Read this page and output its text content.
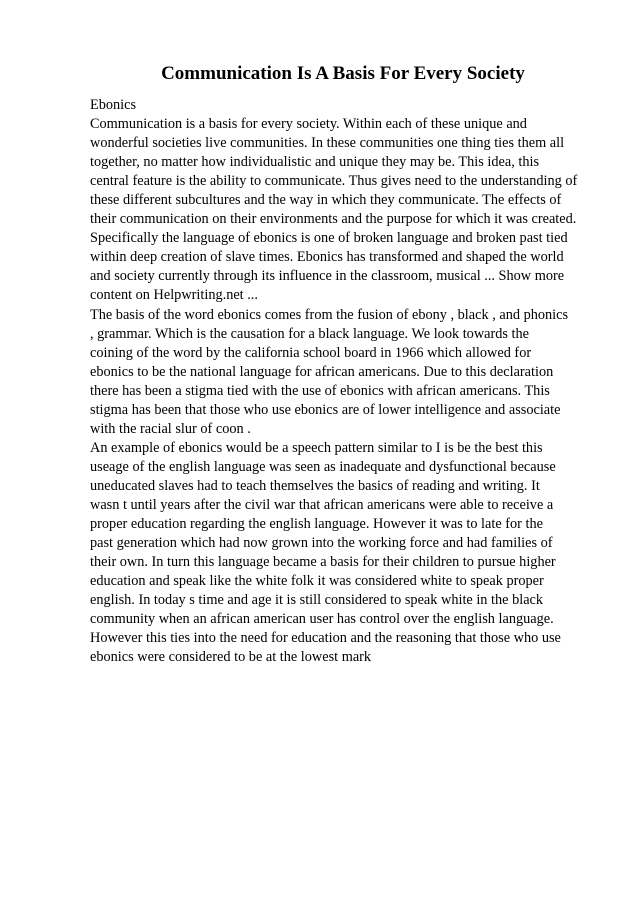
Communication Is A Basis For Every Society
Ebonics
Communication is a basis for every society. Within each of these unique and
wonderful societies live communities. In these communities one thing ties them all
together, no matter how individualistic and unique they may be. This idea, this
central feature is the ability to communicate. Thus gives need to the understanding of
these different subcultures and the way in which they communicate. The effects of
their communication on their environments and the purpose for which it was created.
Specifically the language of ebonics is one of broken language and broken past tied
within deep creation of slave times. Ebonics has transformed and shaped the world
and society currently through its influence in the classroom, musical ... Show more
content on Helpwriting.net ...
The basis of the word ebonics comes from the fusion of ebony , black , and phonics
, grammar. Which is the causation for a black language. We look towards the
coining of the word by the california school board in 1966 which allowed for
ebonics to be the national language for african americans. Due to this declaration
there has been a stigma tied with the use of ebonics with african americans. This
stigma has been that those who use ebonics are of lower intelligence and associate
with the racial slur of coon .
An example of ebonics would be a speech pattern similar to I is be the best this
useage of the english language was seen as inadequate and dysfunctional because
uneducated slaves had to teach themselves the basics of reading and writing. It
wasn t until years after the civil war that african americans were able to receive a
proper education regarding the english language. However it was to late for the
past generation which had now grown into the working force and had families of
their own. In turn this language became a basis for their children to pursue higher
education and speak like the white folk it was considered white to speak proper
english. In today s time and age it is still considered to speak white in the black
community when an african american user has control over the english language.
However this ties into the need for education and the reasoning that those who use
ebonics were considered to be at the lowest mark
